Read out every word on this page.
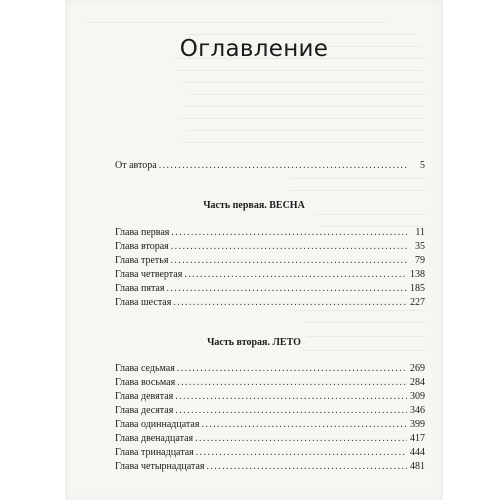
Оглавление
От автора .....	5
Часть первая. ВЕСНА
Глава первая .....	11
Глава вторая .....	35
Глава третья .....	79
Глава четвертая .....	138
Глава пятая .....	185
Глава шестая .....	227
Часть вторая. ЛЕТО
Глава седьмая .....	269
Глава восьмая .....	284
Глава девятая .....	309
Глава десятая .....	346
Глава одиннадцатая .....	399
Глава двенадцатая .....	417
Глава тринадцатая .....	444
Глава четырнадцатая .....	481
